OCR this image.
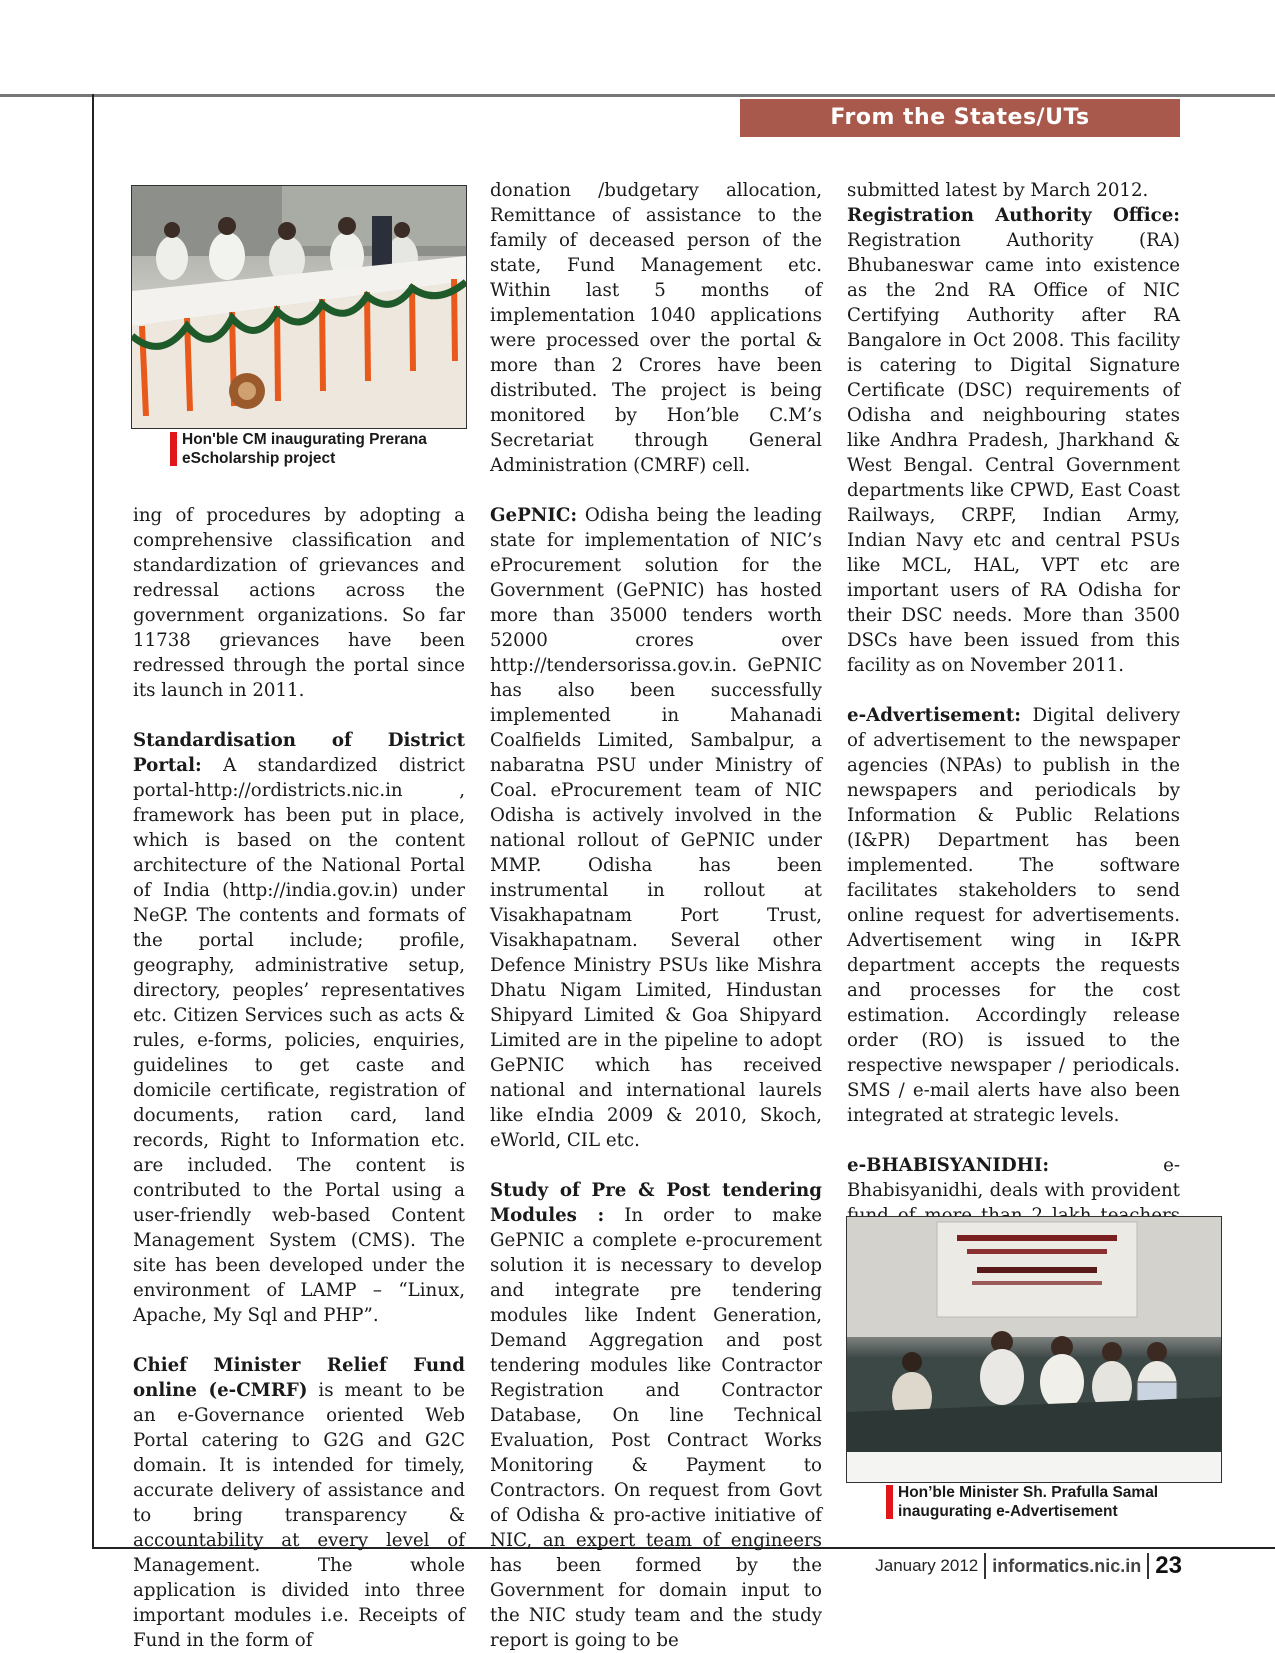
From the States/UTs
Hon'ble CM inaugurating Prerana eScholarship project

ing of procedures by adopting a comprehensive classification and standardization of grievances and redressal actions across the government organizations. So far 11738 grievances have been redressed through the portal since its launch in 2011.

Standardisation of District Portal: A standardized district portal-http://ordistricts.nic.in , framework has been put in place, which is based on the content architecture of the National Portal of India (http://india.gov.in) under NeGP. The contents and formats of the portal include; profile, geography, administrative setup, directory, peoples’ representatives etc. Citizen Services such as acts & rules, e-forms, policies, enquiries, guidelines to get caste and domicile certificate, registration of documents, ration card, land records, Right to Information etc. are included. The content is contributed to the Portal using a user-friendly web-based Content Management System (CMS). The site has been developed under the environment of LAMP – “Linux, Apache, My Sql and PHP”.

Chief Minister Relief Fund online (e-CMRF) is meant to be an e-Governance oriented Web Portal catering to G2G and G2C domain. It is intended for timely, accurate delivery of assistance and to bring transparency & accountability at every level of Management. The whole application is divided into three important modules i.e. Receipts of Fund in the form of

donation /budgetary allocation, Remittance of assistance to the family of deceased person of the state, Fund Management etc. Within last 5 months of implementation 1040 applications were processed over the portal & more than 2 Crores have been distributed. The project is being monitored by Hon’ble C.M’s Secretariat through General Administration (CMRF) cell.

GePNIC: Odisha being the leading state for implementation of NIC’s eProcurement solution for the Government (GePNIC) has hosted more than 35000 tenders worth 52000 crores over http://tendersorissa.gov.in. GePNIC has also been successfully implemented in Mahanadi Coalfields Limited, Sambalpur, a nabaratna PSU under Ministry of Coal. eProcurement team of NIC Odisha is actively involved in the national rollout of GePNIC under MMP. Odisha has been instrumental in rollout at Visakhapatnam Port Trust, Visakhapatnam. Several other Defence Ministry PSUs like Mishra Dhatu Nigam Limited, Hindustan Shipyard Limited & Goa Shipyard Limited are in the pipeline to adopt GePNIC which has received national and international laurels like eIndia 2009 & 2010, Skoch, eWorld, CIL etc.

Study of Pre & Post tendering Modules : In order to make GePNIC a complete e-procurement solution it is necessary to develop and integrate pre tendering modules like Indent Generation, Demand Aggregation and post tendering modules like Contractor Registration and Contractor Database, On line Technical Evaluation, Post Contract Works Monitoring & Payment to Contractors. On request from Govt of Odisha & pro-active initiative of NIC, an expert team of engineers has been formed by the Government for domain input to the NIC study team and the study report is going to be

submitted latest by March 2012.
Registration Authority Office: Registration Authority (RA) Bhubaneswar came into existence as the 2nd RA Office of NIC Certifying Authority after RA Bangalore in Oct 2008. This facility is catering to Digital Signature Certificate (DSC) requirements of Odisha and neighbouring states like Andhra Pradesh, Jharkhand & West Bengal. Central Government departments like CPWD, East Coast Railways, CRPF, Indian Army, Indian Navy etc and central PSUs like MCL, HAL, VPT etc are important users of RA Odisha for their DSC needs. More than 3500 DSCs have been issued from this facility as on November 2011.

e-Advertisement: Digital delivery of advertisement to the newspaper agencies (NPAs) to publish in the newspapers and periodicals by Information & Public Relations (I&PR) Department has been implemented. The software facilitates stakeholders to send online request for advertisements. Advertisement wing in I&PR department accepts the requests and processes for the cost estimation. Accordingly release order (RO) is issued to the respective newspaper / periodicals. SMS / e-mail alerts have also been integrated at strategic levels.

e-BHABISYANIDHI:	e-Bhabisyanidhi, deals with provident

Hon’ble Minister Sh. Prafulla Samal inaugurating e-Advertisement
January 2012 informatics.nic.in 23
